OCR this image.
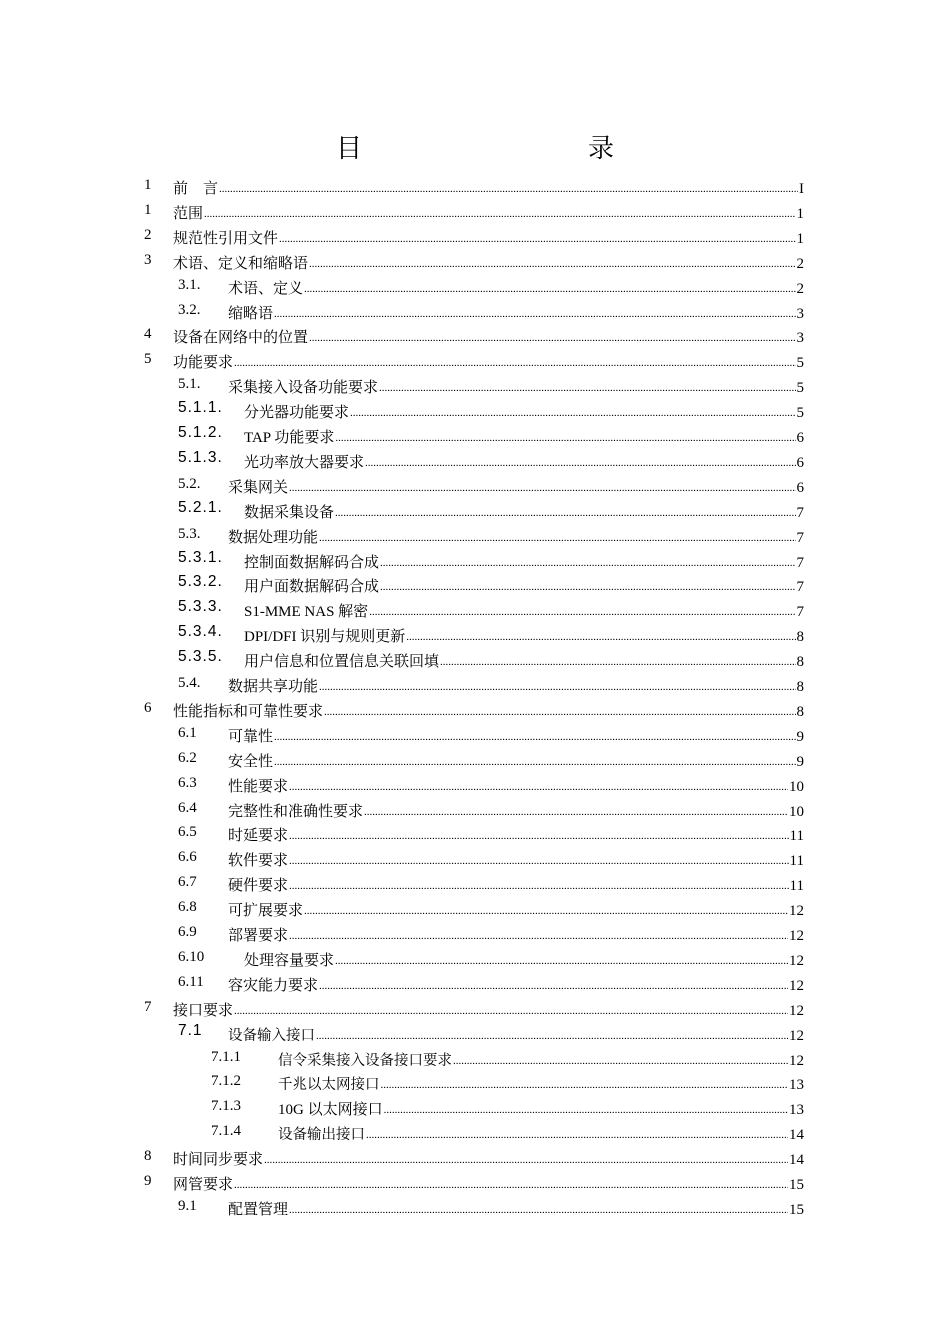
目　　录
1 前　言 .....	I
1 范围 .....	1
2 规范性引用文件 .....	1
3 术语、定义和缩略语 .....	2
3.1. 术语、定义 .....	2
3.2. 缩略语 .....	3
4 设备在网络中的位置 .....	3
5 功能要求 .....	5
5.1. 采集接入设备功能要求 .....	5
5.1.1. 分光器功能要求 .....	5
5.1.2. TAP 功能要求 .....	6
5.1.3. 光功率放大器要求 .....	6
5.2. 采集网关 .....	6
5.2.1. 数据采集设备 .....	7
5.3. 数据处理功能 .....	7
5.3.1. 控制面数据解码合成 .....	7
5.3.2. 用户面数据解码合成 .....	7
5.3.3. S1-MME NAS 解密 .....	7
5.3.4. DPI/DFI 识别与规则更新 .....	8
5.3.5. 用户信息和位置信息关联回填 .....	8
5.4. 数据共享功能 .....	8
6 性能指标和可靠性要求 .....	8
6.1 可靠性 .....	9
6.2 安全性 .....	9
6.3 性能要求 .....	10
6.4 完整性和准确性要求 .....	10
6.5 时延要求 .....	11
6.6 软件要求 .....	11
6.7 硬件要求 .....	11
6.8 可扩展要求 .....	12
6.9 部署要求 .....	12
6.10	处理容量要求 .....	12
6.11 容灾能力要求 .....	12
7 接口要求 .....	12
7.1 设备输入接口 .....	12
7.1.1	信令采集接入设备接口要求 .....	12
7.1.2	千兆以太网接口 .....	13
7.1.3 10G 以太网接口 .....	13
7.1.4	设备输出接口 .....	14
8 时间同步要求 .....	14
9 网管要求 .....	15
9.1 配置管理 .....	15
